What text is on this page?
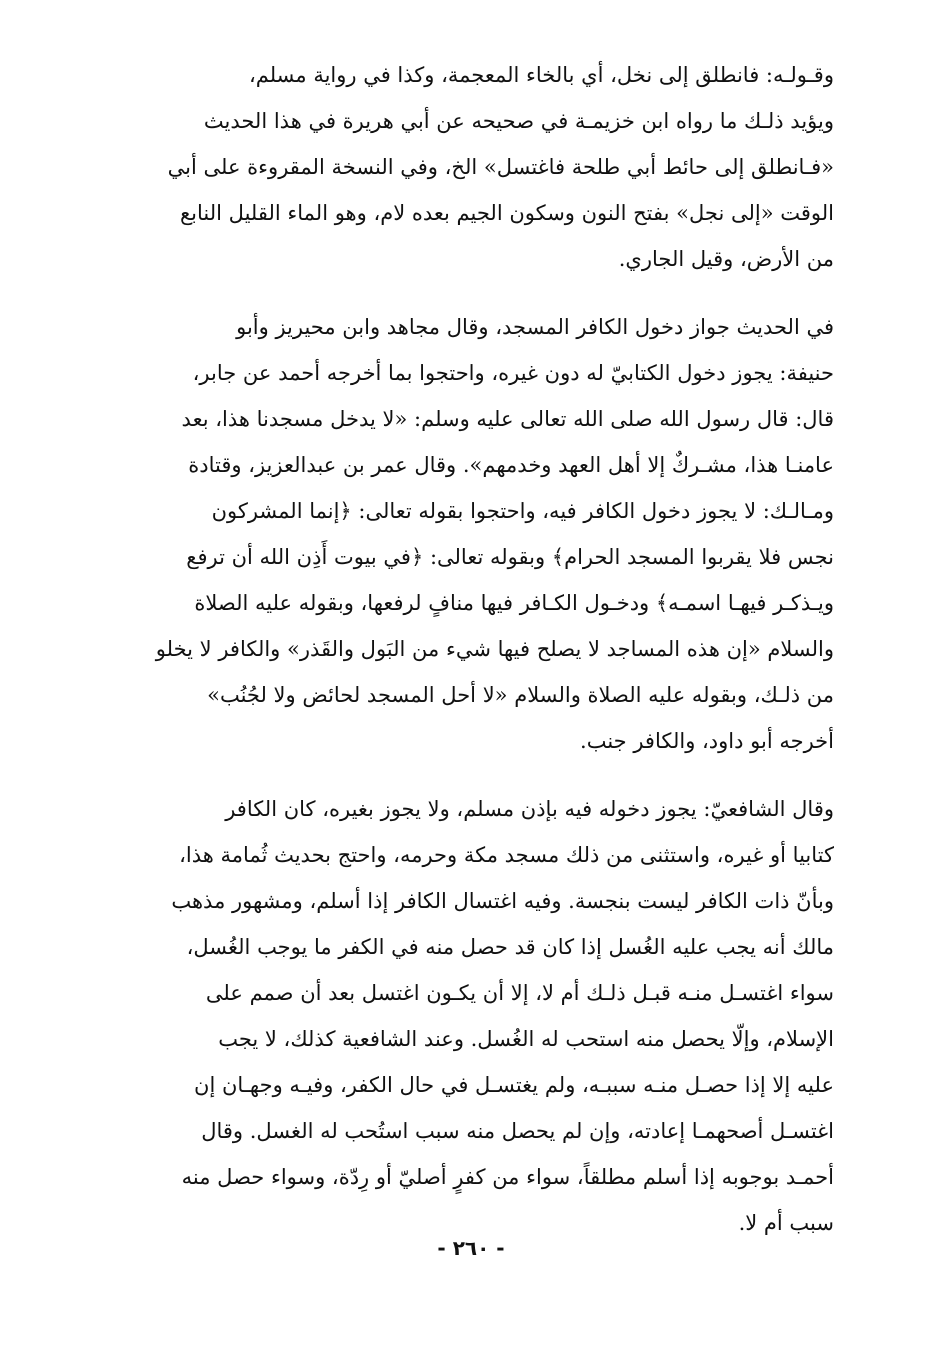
وقـولـه: فانطلق إلى نخل، أي بالخاء المعجمة، وكذا في رواية مسلم،
ويؤيد ذلـك ما رواه ابن خزيمـة في صحيحه عن أبي هريرة في هذا الحديث
«فـانطلق إلى حائط أبي طلحة فاغتسل» الخ، وفي النسخة المقروءة على أبي
الوقت «إلى نجل» بفتح النون وسكون الجيم بعده لام، وهو الماء القليل النابع
من الأرض، وقيل الجاري.
في الحديث جواز دخول الكافر المسجد، وقال مجاهد وابن محيريز وأبو
حنيفة: يجوز دخول الكتابيّ له دون غيره، واحتجوا بما أخرجه أحمد عن جابر،
قال: قال رسول الله صلى الله تعالى عليه وسلم: «لا يدخل مسجدنا هذا، بعد
عامنـا هذا، مشـركٌ إلا أهل العهد وخدمهم». وقال عمر بن عبدالعزيز، وقتادة
ومـالـك: لا يجوز دخول الكافر فيه، واحتجوا بقوله تعالى: ﴿إنما المشركون
نجس فلا يقربوا المسجد الحرام﴾ وبقوله تعالى: ﴿في بيوت أَذِن الله أن ترفع
ويـذكـر فيهـا اسمـه﴾ ودخـول الكـافر فيها منافٍ لرفعها، وبقوله عليه الصلاة
والسلام «إن هذه المساجد لا يصلح فيها شيء من البَول والقَذر» والكافر لا يخلو
من ذلـك، وبقوله عليه الصلاة والسلام «لا أحل المسجد لحائض ولا لجُنُب»
أخرجه أبو داود، والكافر جنب.
وقال الشافعيّ: يجوز دخوله فيه بإذن مسلم، ولا يجوز بغيره، كان الكافر
كتابيا أو غيره، واستثنى من ذلك مسجد مكة وحرمه، واحتج بحديث ثُمامة هذا،
وبأنّ ذات الكافر ليست بنجسة. وفيه اغتسال الكافر إذا أسلم، ومشهور مذهب
مالك أنه يجب عليه الغُسل إذا كان قد حصل منه في الكفر ما يوجب الغُسل،
سواء اغتسـل منـه قبـل ذلـك أم لا، إلا أن يكـون اغتسل بعد أن صمم على
الإسلام، وإلّا يحصل منه استحب له الغُسل. وعند الشافعية كذلك، لا يجب
عليه إلا إذا حصـل منـه سببـه، ولم يغتسـل في حال الكفر، وفيـه وجهـان إن
اغتسـل أصحهمـا إعادته، وإن لم يحصل منه سبب استُحب له الغسل. وقال
أحمـد بوجوبه إذا أسلم مطلقاً، سواء من كفرٍ أصليّ أو رِدّة، وسواء حصل منه
سبب أم لا.
- ٢٦٠ -
